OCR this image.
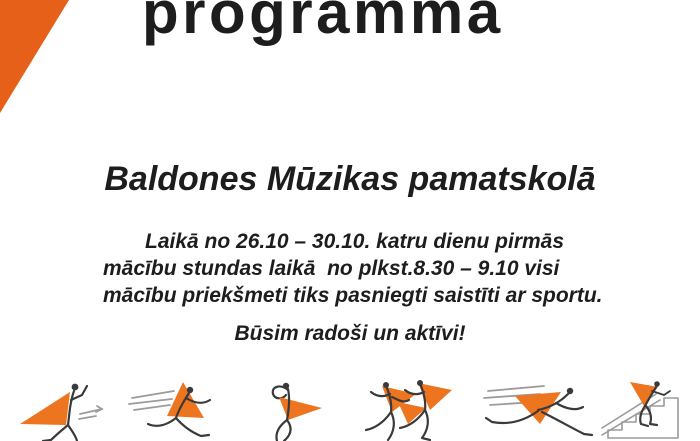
programma
Baldones Mūzikas pamatskolā
Laikā no 26.10 – 30.10. katru dienu pirmās
mācību stundas laikā  no plkst.8.30 – 9.10 visi
mācību priekšmeti tiks pasniegti saistīti ar sportu.
Būsim radoši un aktīvi!
